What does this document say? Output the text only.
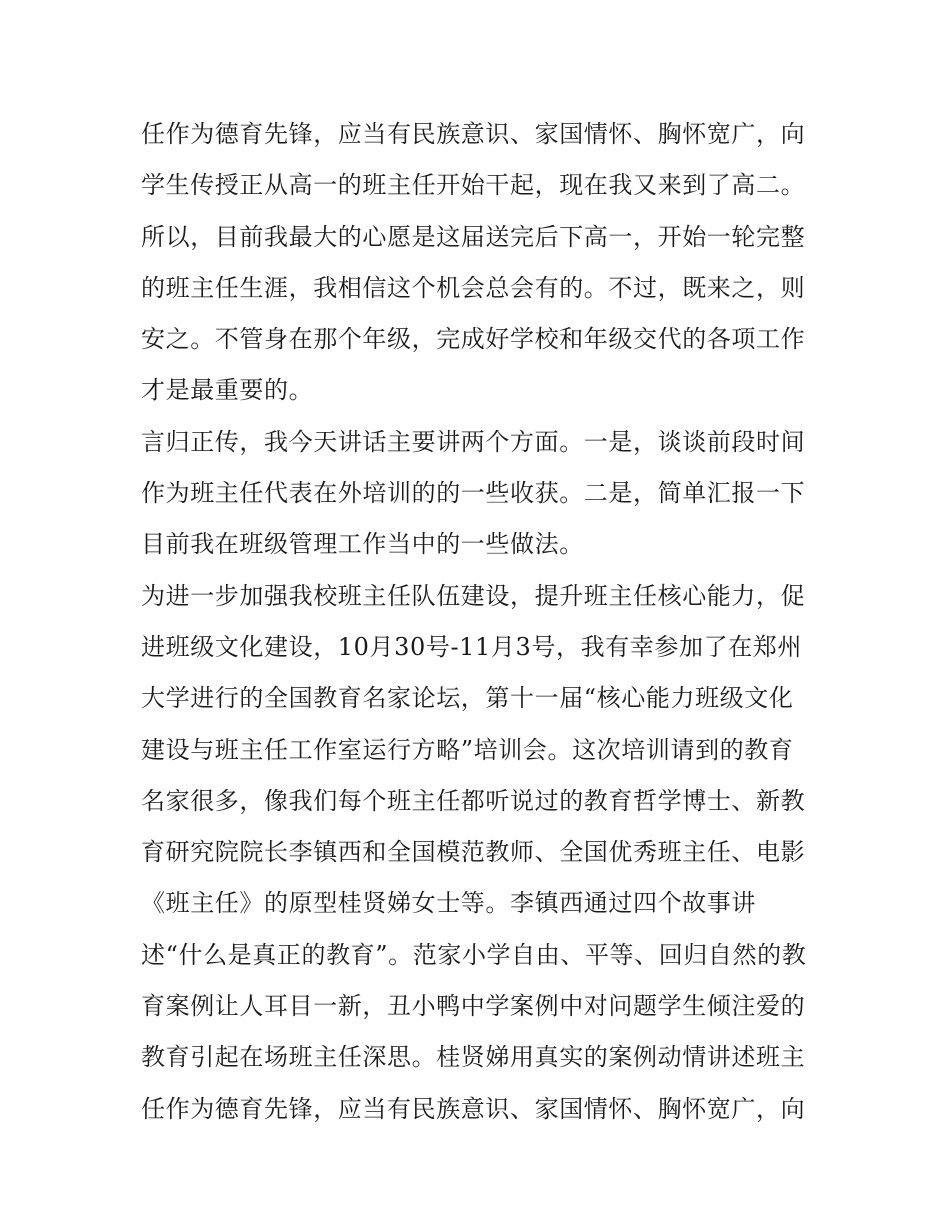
任作为德育先锋，应当有民族意识、家国情怀、胸怀宽广，向
学生传授正从高一的班主任开始干起，现在我又来到了高二。
所以，目前我最大的心愿是这届送完后下高一，开始一轮完整
的班主任生涯，我相信这个机会总会有的。不过，既来之，则
安之。不管身在那个年级，完成好学校和年级交代的各项工作
才是最重要的。
言归正传，我今天讲话主要讲两个方面。一是，谈谈前段时间
作为班主任代表在外培训的的一些收获。二是，简单汇报一下
目前我在班级管理工作当中的一些做法。
为进一步加强我校班主任队伍建设，提升班主任核心能力，促
进班级文化建设，10月30号-11月3号，我有幸参加了在郑州
大学进行的全国教育名家论坛，第十一届“核心能力班级文化
建设与班主任工作室运行方略”培训会。这次培训请到的教育
名家很多，像我们每个班主任都听说过的教育哲学博士、新教
育研究院院长李镇西和全国模范教师、全国优秀班主任、电影
《班主任》的原型桂贤娣女士等。李镇西通过四个故事讲
述“什么是真正的教育”。范家小学自由、平等、回归自然的教
育案例让人耳目一新，丑小鸭中学案例中对问题学生倾注爱的
教育引起在场班主任深思。桂贤娣用真实的案例动情讲述班主
任作为德育先锋，应当有民族意识、家国情怀、胸怀宽广，向
